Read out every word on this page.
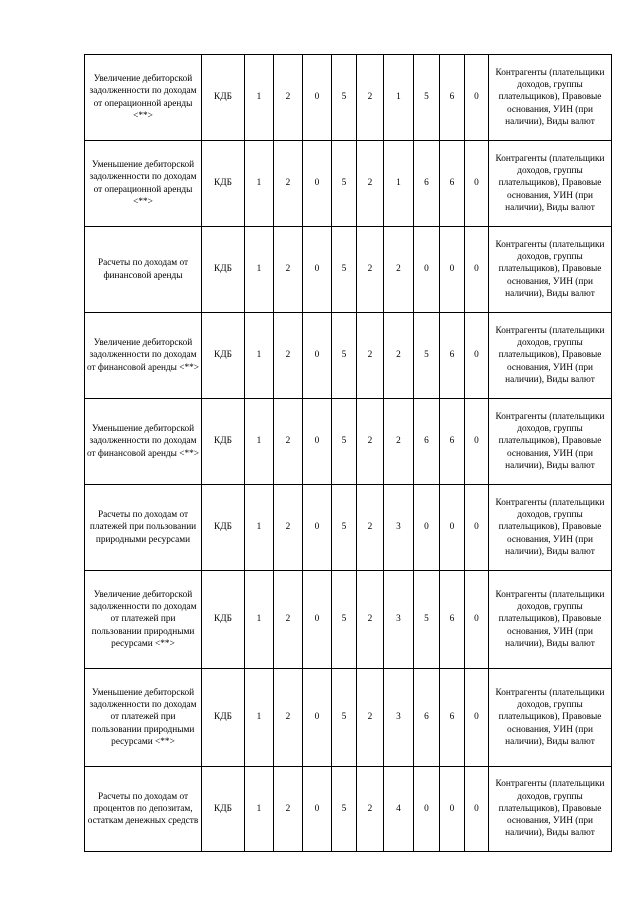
Увеличение дебиторской задолженности по доходам от операционной аренды <**>	КДБ	1	2	0	5	2	1	5	6	0	Контрагенты (плательщики доходов, группы плательщиков), Правовые основания, УИН (при наличии), Виды валют
Уменьшение дебиторской задолженности по доходам от операционной аренды <**>	КДБ	1	2	0	5	2	1	6	6	0	Контрагенты (плательщики доходов, группы плательщиков), Правовые основания, УИН (при наличии), Виды валют
Расчеты по доходам от финансовой аренды	КДБ	1	2	0	5	2	2	0	0	0	Контрагенты (плательщики доходов, группы плательщиков), Правовые основания, УИН (при наличии), Виды валют
Увеличение дебиторской задолженности по доходам от финансовой аренды <**>	КДБ	1	2	0	5	2	2	5	6	0	Контрагенты (плательщики доходов, группы плательщиков), Правовые основания, УИН (при наличии), Виды валют
Уменьшение дебиторской задолженности по доходам от финансовой аренды <**>	КДБ	1	2	0	5	2	2	6	6	0	Контрагенты (плательщики доходов, группы плательщиков), Правовые основания, УИН (при наличии), Виды валют
Расчеты по доходам от платежей при пользовании природными ресурсами	КДБ	1	2	0	5	2	3	0	0	0	Контрагенты (плательщики доходов, группы плательщиков), Правовые основания, УИН (при наличии), Виды валют
Увеличение дебиторской задолженности по доходам от платежей при пользовании природными ресурсами <**>	КДБ	1	2	0	5	2	3	5	6	0	Контрагенты (плательщики доходов, группы плательщиков), Правовые основания, УИН (при наличии), Виды валют
Уменьшение дебиторской задолженности по доходам от платежей при пользовании природными ресурсами <**>	КДБ	1	2	0	5	2	3	6	6	0	Контрагенты (плательщики доходов, группы плательщиков), Правовые основания, УИН (при наличии), Виды валют
Расчеты по доходам от процентов по депозитам, остаткам денежных средств	КДБ	1	2	0	5	2	4	0	0	0	Контрагенты (плательщики доходов, группы плательщиков), Правовые основания, УИН (при наличии), Виды валют
